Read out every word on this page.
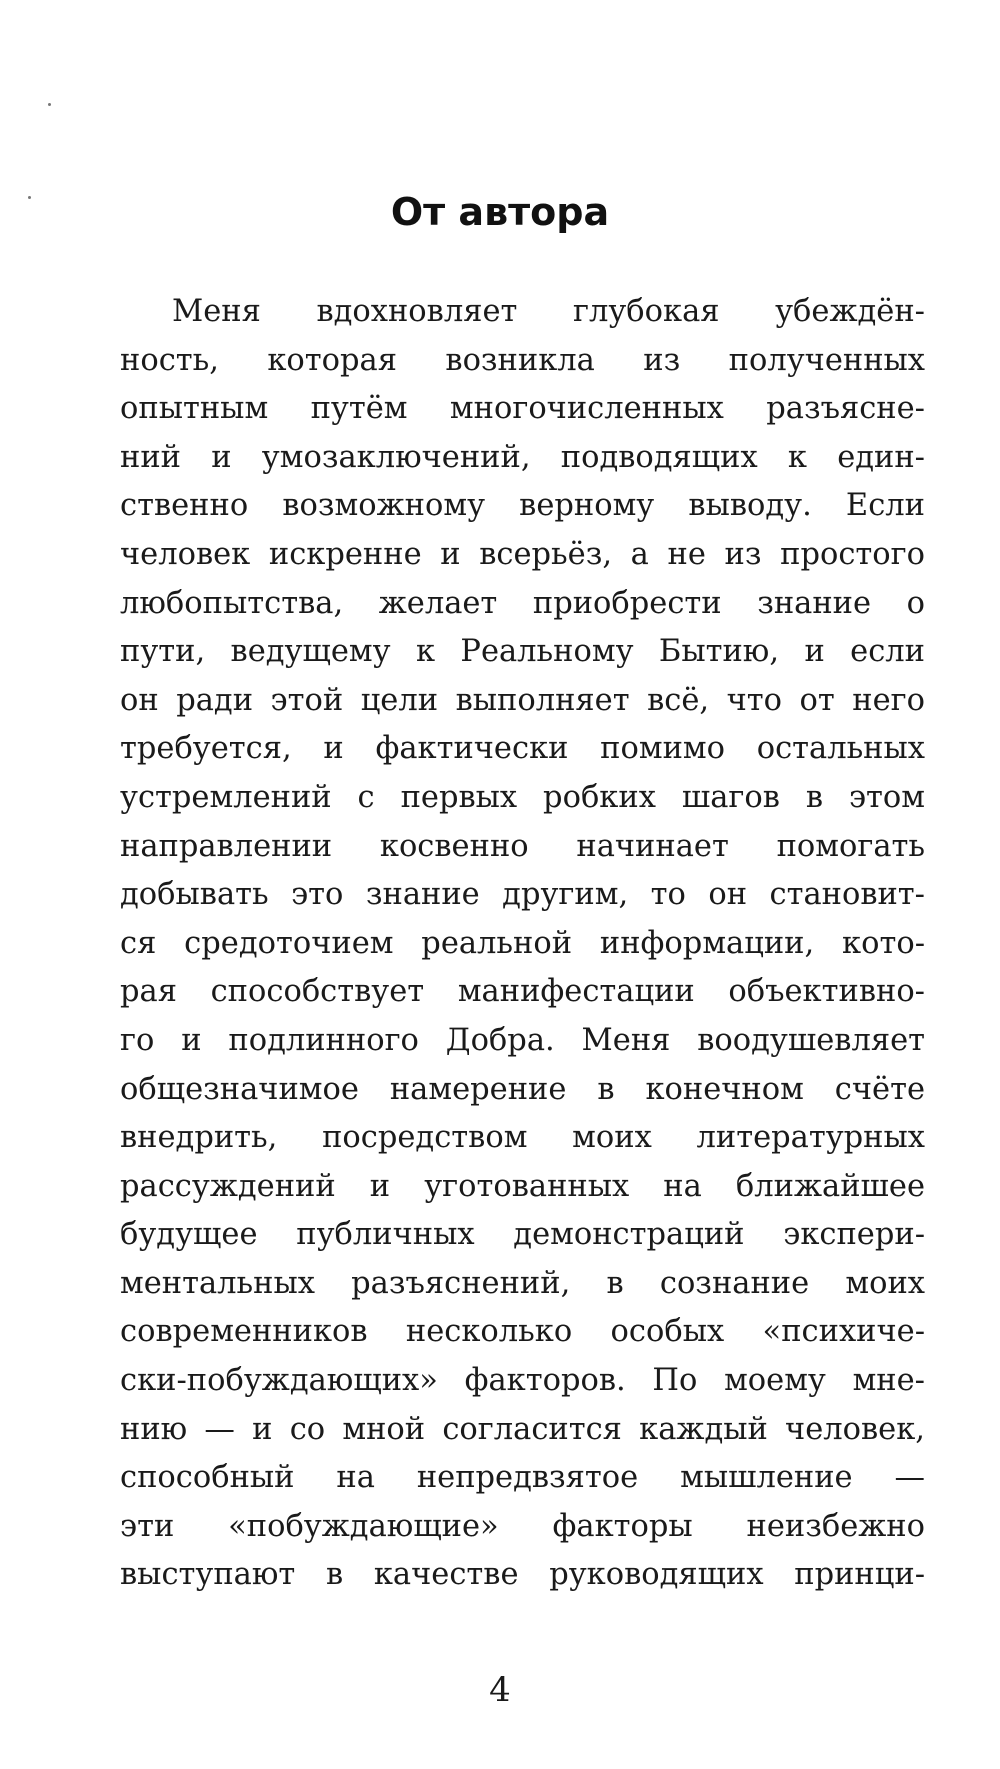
От автора
Меня вдохновляет глубокая убеждён-
ность, которая возникла из полученных
опытным путём многочисленных разъясне-
ний и умозаключений, подводящих к един-
ственно возможному верному выводу. Если
человек искренне и всерьёз, а не из простого
любопытства, желает приобрести знание о
пути, ведущему к Реальному Бытию, и если
он ради этой цели выполняет всё, что от него
требуется, и фактически помимо остальных
устремлений с первых робких шагов в этом
направлении косвенно начинает помогать
добывать это знание другим, то он становит-
ся средоточием реальной информации, кото-
рая способствует манифестации объективно-
го и подлинного Добра. Меня воодушевляет
общезначимое намерение в конечном счёте
внедрить, посредством моих литературных
рассуждений и уготованных на ближайшее
будущее публичных демонстраций экспери-
ментальных разъяснений, в сознание моих
современников несколько особых «психиче-
ски-побуждающих» факторов. По моему мне-
нию — и со мной согласится каждый человек,
способный на непредвзятое мышление —
эти «побуждающие» факторы неизбежно
выступают в качестве руководящих принци-
4
